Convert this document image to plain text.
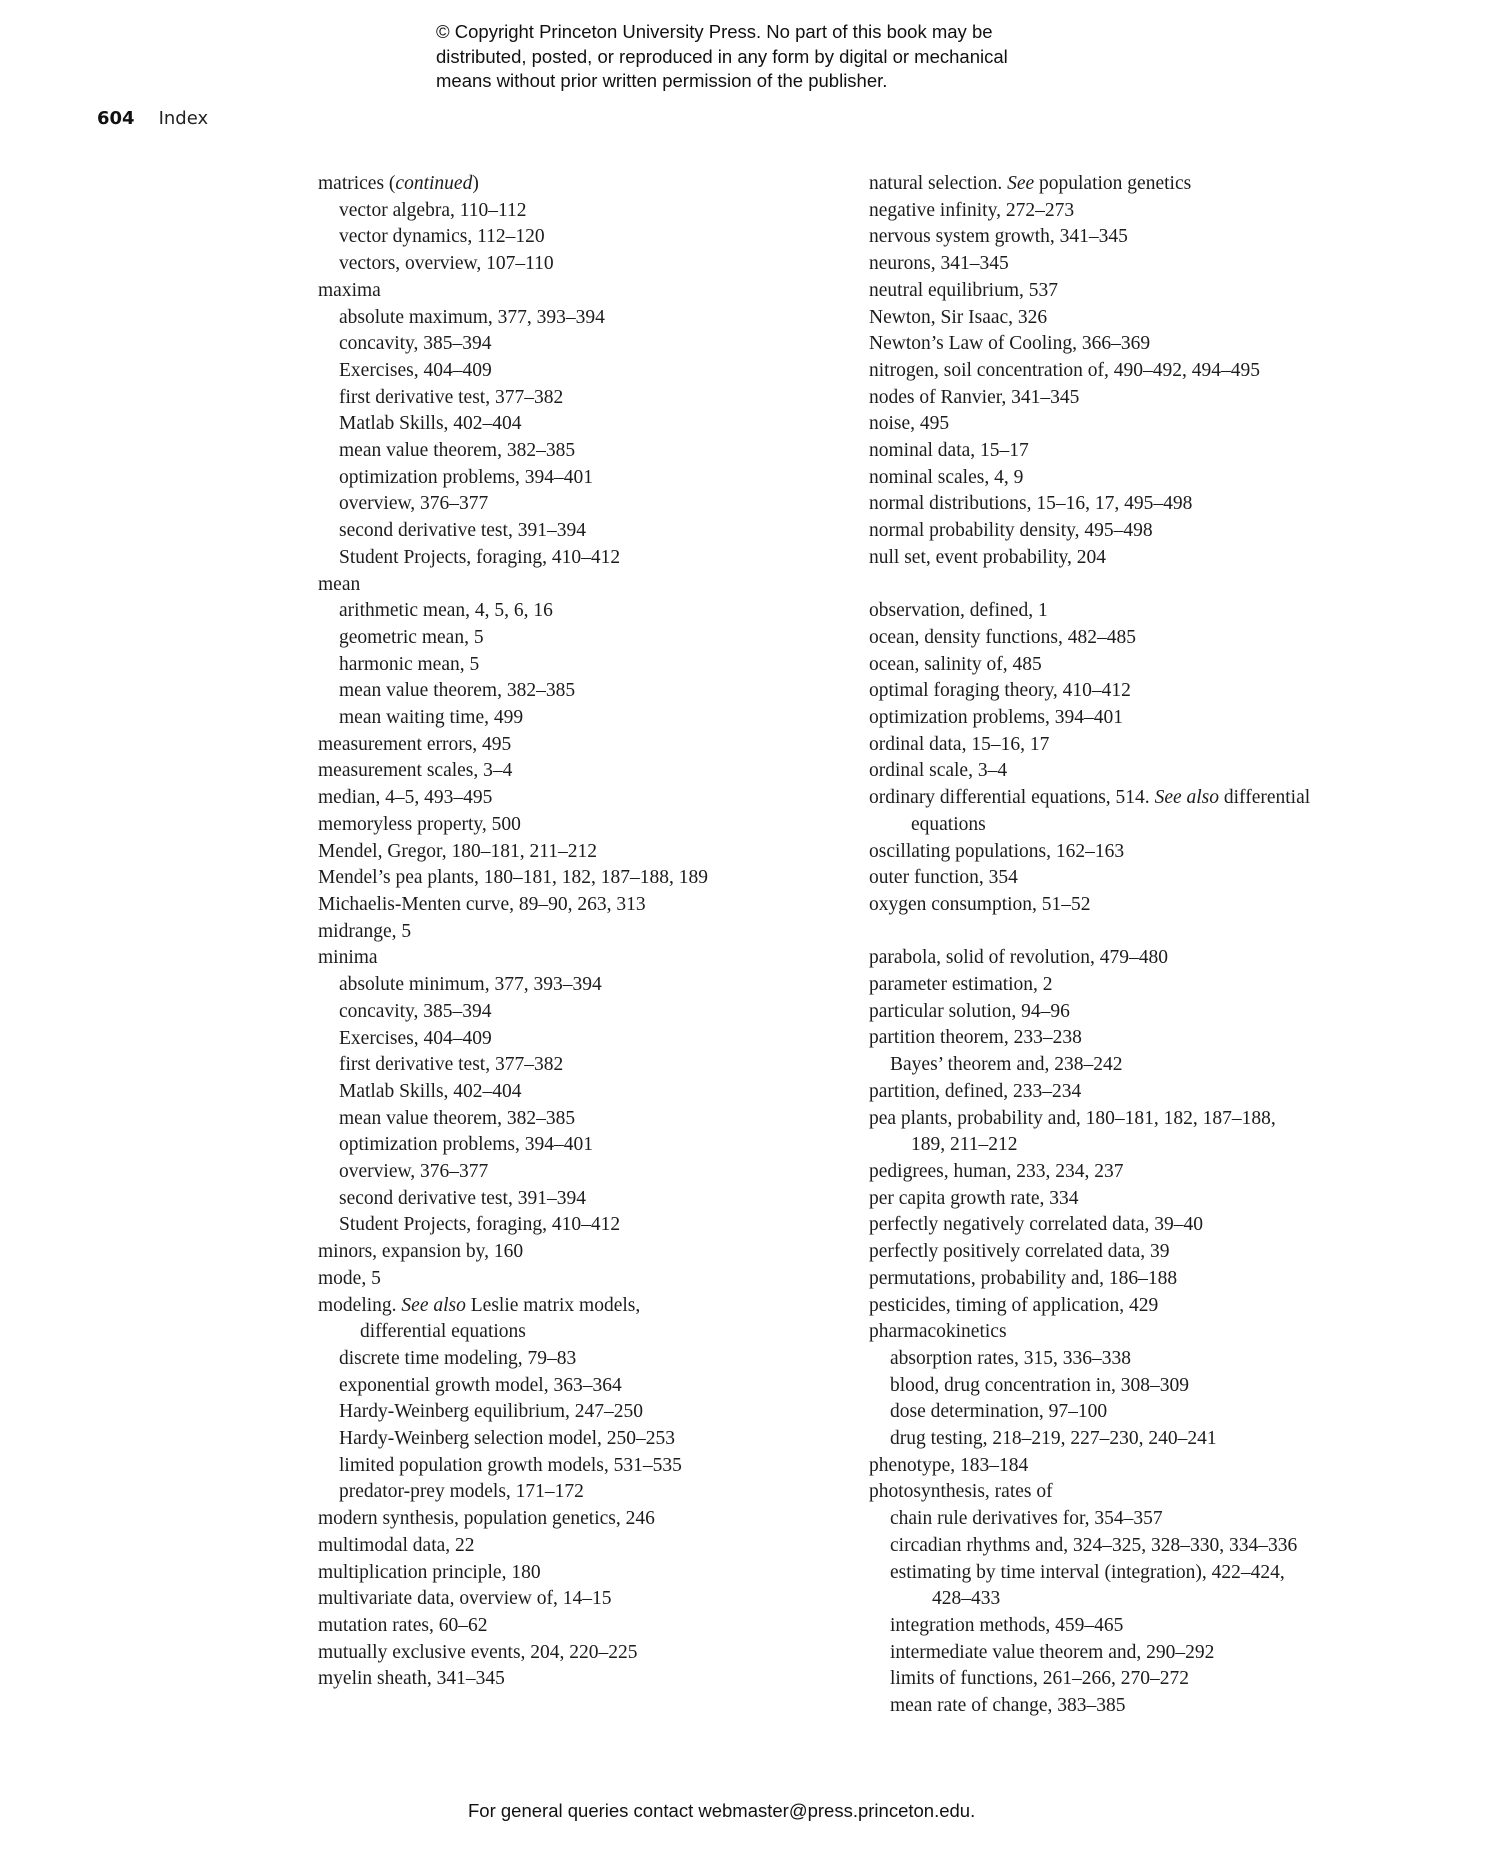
© Copyright Princeton University Press. No part of this book may be
distributed, posted, or reproduced in any form by digital or mechanical
means without prior written permission of the publisher.
604 Index
matrices (continued)
vector algebra, 110–112
vector dynamics, 112–120
vectors, overview, 107–110
maxima
absolute maximum, 377, 393–394
concavity, 385–394
Exercises, 404–409
first derivative test, 377–382
Matlab Skills, 402–404
mean value theorem, 382–385
optimization problems, 394–401
overview, 376–377
second derivative test, 391–394
Student Projects, foraging, 410–412
mean
arithmetic mean, 4, 5, 6, 16
geometric mean, 5
harmonic mean, 5
mean value theorem, 382–385
mean waiting time, 499
measurement errors, 495
measurement scales, 3–4
median, 4–5, 493–495
memoryless property, 500
Mendel, Gregor, 180–181, 211–212
Mendel’s pea plants, 180–181, 182, 187–188, 189
Michaelis-Menten curve, 89–90, 263, 313
midrange, 5
minima
absolute minimum, 377, 393–394
concavity, 385–394
Exercises, 404–409
first derivative test, 377–382
Matlab Skills, 402–404
mean value theorem, 382–385
optimization problems, 394–401
overview, 376–377
second derivative test, 391–394
Student Projects, foraging, 410–412
minors, expansion by, 160
mode, 5
modeling. See also Leslie matrix models,
differential equations
discrete time modeling, 79–83
exponential growth model, 363–364
Hardy-Weinberg equilibrium, 247–250
Hardy-Weinberg selection model, 250–253
limited population growth models, 531–535
predator-prey models, 171–172
modern synthesis, population genetics, 246
multimodal data, 22
multiplication principle, 180
multivariate data, overview of, 14–15
mutation rates, 60–62
mutually exclusive events, 204, 220–225
myelin sheath, 341–345
natural selection. See population genetics
negative infinity, 272–273
nervous system growth, 341–345
neurons, 341–345
neutral equilibrium, 537
Newton, Sir Isaac, 326
Newton’s Law of Cooling, 366–369
nitrogen, soil concentration of, 490–492, 494–495
nodes of Ranvier, 341–345
noise, 495
nominal data, 15–17
nominal scales, 4, 9
normal distributions, 15–16, 17, 495–498
normal probability density, 495–498
null set, event probability, 204
observation, defined, 1
ocean, density functions, 482–485
ocean, salinity of, 485
optimal foraging theory, 410–412
optimization problems, 394–401
ordinal data, 15–16, 17
ordinal scale, 3–4
ordinary differential equations, 514. See also differential
equations
oscillating populations, 162–163
outer function, 354
oxygen consumption, 51–52
parabola, solid of revolution, 479–480
parameter estimation, 2
particular solution, 94–96
partition theorem, 233–238
Bayes’ theorem and, 238–242
partition, defined, 233–234
pea plants, probability and, 180–181, 182, 187–188,
189, 211–212
pedigrees, human, 233, 234, 237
per capita growth rate, 334
perfectly negatively correlated data, 39–40
perfectly positively correlated data, 39
permutations, probability and, 186–188
pesticides, timing of application, 429
pharmacokinetics
absorption rates, 315, 336–338
blood, drug concentration in, 308–309
dose determination, 97–100
drug testing, 218–219, 227–230, 240–241
phenotype, 183–184
photosynthesis, rates of
chain rule derivatives for, 354–357
circadian rhythms and, 324–325, 328–330, 334–336
estimating by time interval (integration), 422–424,
428–433
integration methods, 459–465
intermediate value theorem and, 290–292
limits of functions, 261–266, 270–272
mean rate of change, 383–385
For general queries contact webmaster@press.princeton.edu.
